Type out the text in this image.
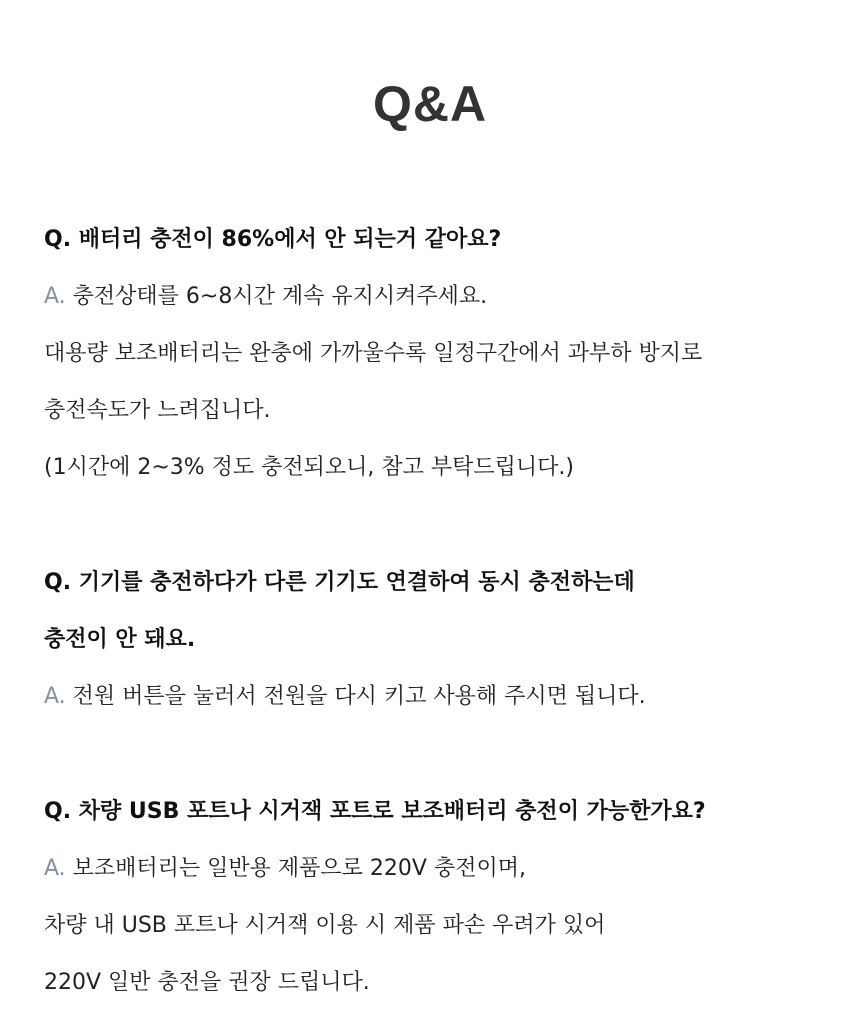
Q&A
Q. 배터리 충전이 86%에서 안 되는거 같아요?
A. 충전상태를 6~8시간 계속 유지시켜주세요.
대용량 보조배터리는 완충에 가까울수록 일정구간에서 과부하 방지로
충전속도가 느려집니다.
(1시간에 2~3% 정도 충전되오니, 참고 부탁드립니다.)
Q. 기기를 충전하다가 다른 기기도 연결하여 동시 충전하는데
충전이 안 돼요.
A. 전원 버튼을 눌러서 전원을 다시 키고 사용해 주시면 됩니다.
Q. 차량 USB 포트나 시거잭 포트로 보조배터리 충전이 가능한가요?
A. 보조배터리는 일반용 제품으로 220V 충전이며,
차량 내 USB 포트나 시거잭 이용 시 제품 파손 우려가 있어
220V 일반 충전을 권장 드립니다.
